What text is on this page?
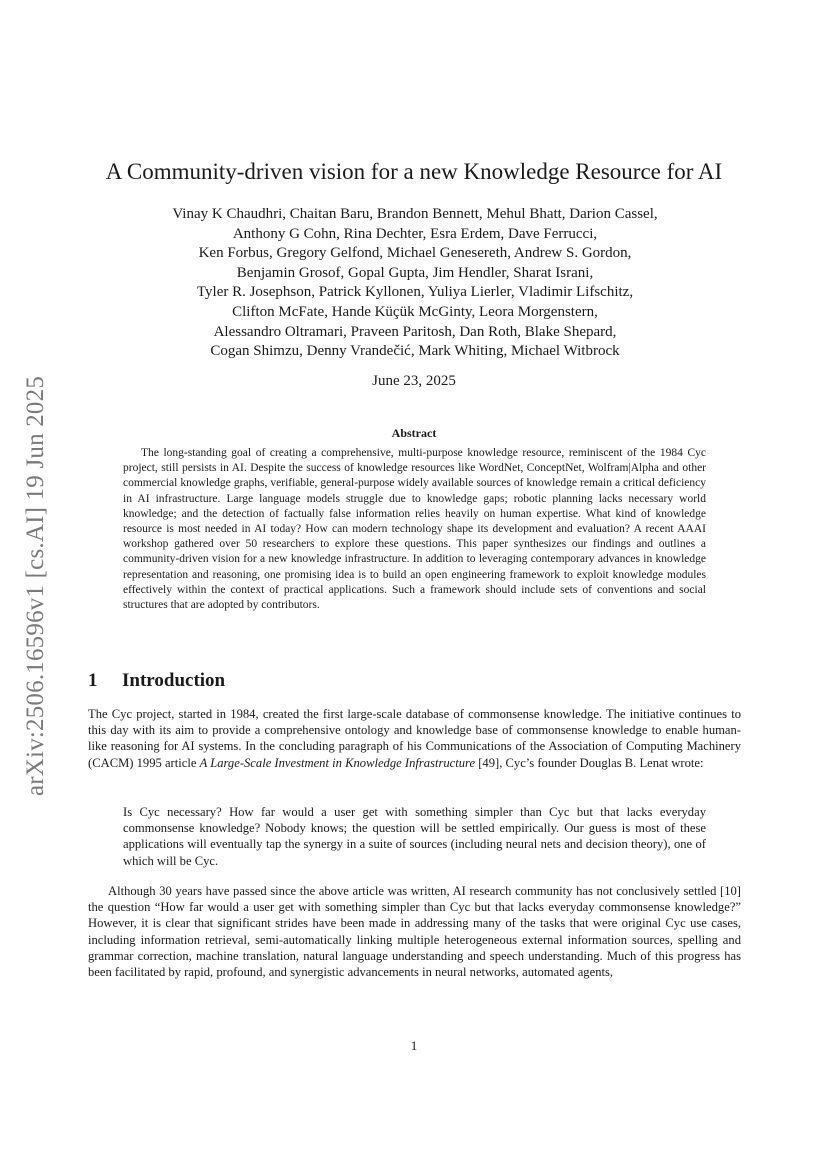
arXiv:2506.16596v1 [cs.AI] 19 Jun 2025
A Community-driven vision for a new Knowledge Resource for AI
Vinay K Chaudhri, Chaitan Baru, Brandon Bennett, Mehul Bhatt, Darion Cassel,
Anthony G Cohn, Rina Dechter, Esra Erdem, Dave Ferrucci,
Ken Forbus, Gregory Gelfond, Michael Genesereth, Andrew S. Gordon,
Benjamin Grosof, Gopal Gupta, Jim Hendler, Sharat Israni,
Tyler R. Josephson, Patrick Kyllonen, Yuliya Lierler, Vladimir Lifschitz,
Clifton McFate, Hande Küçük McGinty, Leora Morgenstern,
Alessandro Oltramari, Praveen Paritosh, Dan Roth, Blake Shepard,
Cogan Shimzu, Denny Vrandečić, Mark Whiting, Michael Witbrock
June 23, 2025
Abstract

The long-standing goal of creating a comprehensive, multi-purpose knowledge resource, reminiscent of the 1984 Cyc project, still persists in AI. Despite the success of knowledge resources like WordNet, ConceptNet, Wolfram|Alpha and other commercial knowledge graphs, verifiable, general-purpose widely available sources of knowledge remain a critical deficiency in AI infrastructure. Large language models struggle due to knowledge gaps; robotic planning lacks necessary world knowledge; and the detection of factually false information relies heavily on human expertise. What kind of knowledge resource is most needed in AI today? How can modern technology shape its development and evaluation? A recent AAAI workshop gathered over 50 researchers to explore these questions. This paper synthesizes our findings and outlines a community-driven vision for a new knowledge infrastructure. In addition to leveraging contemporary advances in knowledge representation and reasoning, one promising idea is to build an open engineering framework to exploit knowledge modules effectively within the context of practical applications. Such a framework should include sets of conventions and social structures that are adopted by contributors.

1 Introduction

The Cyc project, started in 1984, created the first large-scale database of commonsense knowledge. The initiative continues to this day with its aim to provide a comprehensive ontology and knowledge base of commonsense knowledge to enable human-like reasoning for AI systems. In the concluding paragraph of his Communications of the Association of Computing Machinery (CACM) 1995 article A Large-Scale Investment in Knowledge Infrastructure [49], Cyc’s founder Douglas B. Lenat wrote:

Is Cyc necessary? How far would a user get with something simpler than Cyc but that lacks everyday commonsense knowledge? Nobody knows; the question will be settled empirically. Our guess is most of these applications will eventually tap the synergy in a suite of sources (including neural nets and decision theory), one of which will be Cyc.

Although 30 years have passed since the above article was written, AI research community has not conclusively settled [10] the question “How far would a user get with something simpler than Cyc but that lacks everyday commonsense knowledge?” However, it is clear that significant strides have been made in addressing many of the tasks that were original Cyc use cases, including information retrieval, semi-automatically linking multiple heterogeneous external information sources, spelling and grammar correction, machine translation, natural language understanding and speech understanding. Much of this progress has been facilitated by rapid, profound, and synergistic advancements in neural networks, automated agents,

1
